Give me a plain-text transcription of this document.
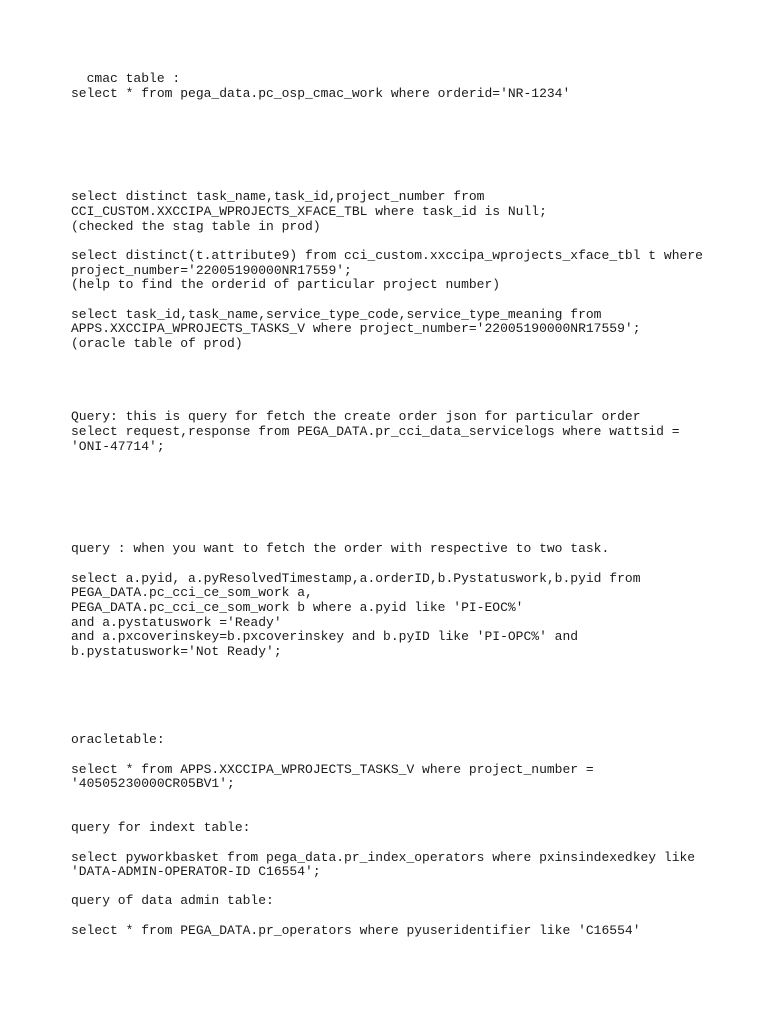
cmac table :

select * from pega_data.pc_osp_cmac_work where orderid='NR-1234'

select distinct task_name,task_id,project_number from

CCI_CUSTOM.XXCCIPA_WPROJECTS_XFACE_TBL where task_id is Null;

(checked the stag table in prod)

select distinct(t.attribute9) from cci_custom.xxccipa_wprojects_xface_tbl t where

project_number='22005190000NR17559';

(help to find the orderid of particular project number)

select task_id,task_name,service_type_code,service_type_meaning from

APPS.XXCCIPA_WPROJECTS_TASKS_V where project_number='22005190000NR17559';

(oracle table of prod)

Query: this is query for fetch the create order json for particular order

select request,response from PEGA_DATA.pr_cci_data_servicelogs where wattsid =

'ONI-47714';

query : when you want to fetch the order with respective to two task.

select a.pyid, a.pyResolvedTimestamp,a.orderID,b.Pystatuswork,b.pyid from

PEGA_DATA.pc_cci_ce_som_work a,

PEGA_DATA.pc_cci_ce_som_work b where a.pyid like 'PI-EOC%'

and a.pystatuswork ='Ready'

and a.pxcoverinskey=b.pxcoverinskey and b.pyID like 'PI-OPC%' and

b.pystatuswork='Not Ready';

oracletable:

select * from APPS.XXCCIPA_WPROJECTS_TASKS_V where project_number =

'40505230000CR05BV1';

query for indext table:

select pyworkbasket from pega_data.pr_index_operators where pxinsindexedkey like

'DATA-ADMIN-OPERATOR-ID C16554';

query of data admin table:

select * from PEGA_DATA.pr_operators where pyuseridentifier like 'C16554'
